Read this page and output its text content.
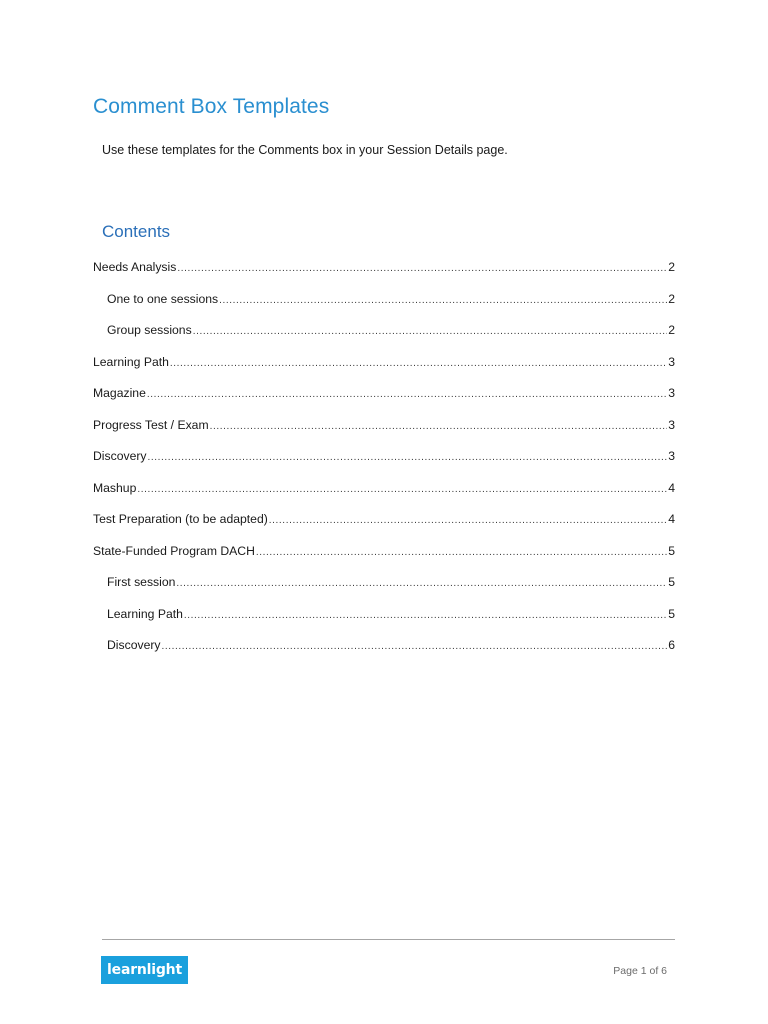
Comment Box Templates
Use these templates for the Comments box in your Session Details page.
Contents
Needs Analysis .....	2
One to one sessions .....	2
Group sessions .....	2
Learning Path .....	3
Magazine .....	3
Progress Test / Exam .....	3
Discovery .....	3
Mashup .....	4
Test Preparation (to be adapted) .....	4
State-Funded Program DACH .....	5
First session .....	5
Learning Path .....	5
Discovery .....	6
learnlight	Page 1 of 6
